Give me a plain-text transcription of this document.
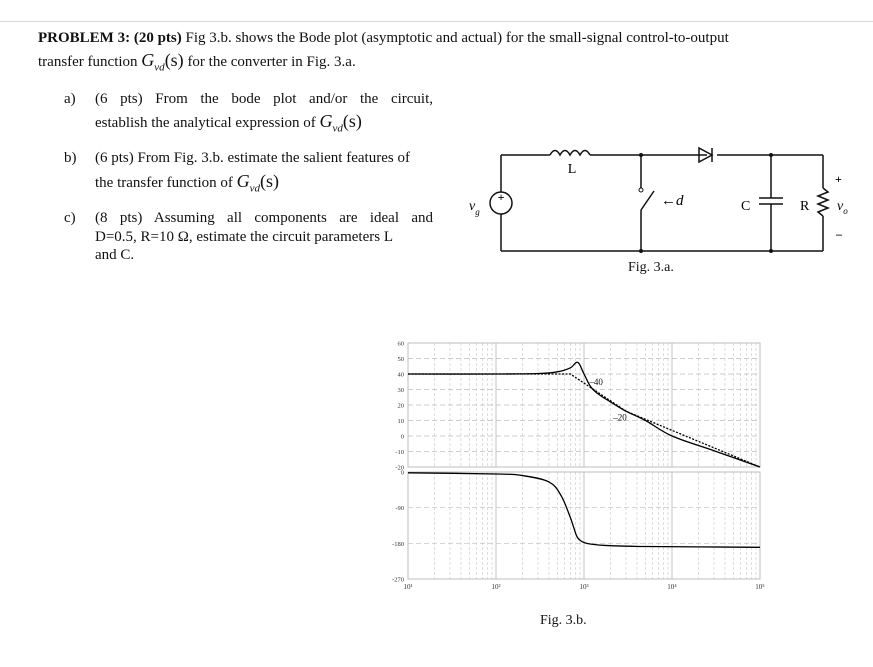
PROBLEM 3: (20 pts) Fig 3.b. shows the Bode plot (asymptotic and actual) for the small-signal control-to-output
transfer function $G_{vd}(s)$ for the converter in Fig. 3.a.
a) (6 pts) From the bode plot and/or the circuit,
establish the analytical expression of $G_{vd}(s)$
b) (6 pts) From Fig. 3.b. estimate the salient features of
the transfer function of $G_{vd}(s)$
c) (8 pts) Assuming all components are ideal and
D=0.5, R=10 Ω, estimate the circuit parameters L
and C.
+
L
C	R
$v_g$
←d
+
$v_o$
–
Fig. 3.a.
60
50
40
30
20
10
0
-10
-20
0
-90
-180
-270
10¹	10²	10³	10⁴	10⁵
–40
–20
Fig. 3.b.
